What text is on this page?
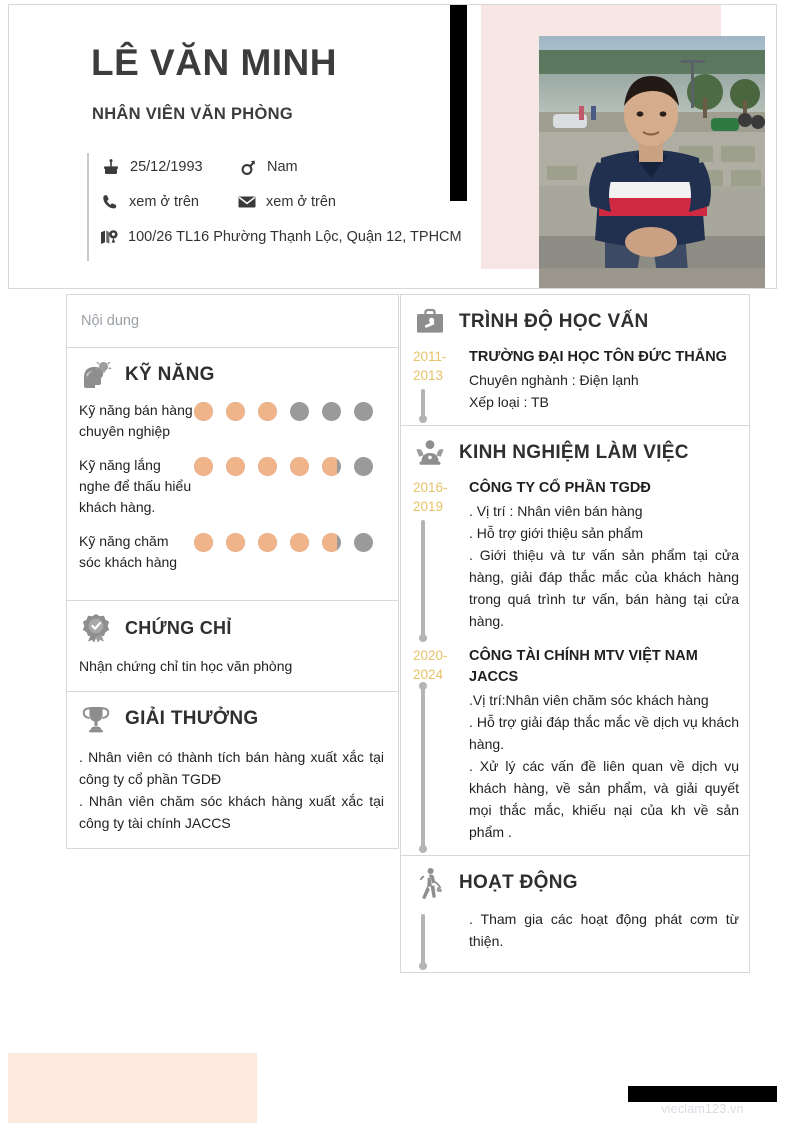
LÊ VĂN MINH
NHÂN VIÊN VĂN PHÒNG
25/12/1993	Nam
xem ở trên	xem ở trên
100/26 TL16 Phường Thạnh Lộc, Quận 12, TPHCM
Nội dung
KỸ NĂNG
Kỹ năng bán hàng chuyên nghiệp
Kỹ năng lắng nghe để thấu hiểu khách hàng.
Kỹ năng chăm sóc khách hàng
CHỨNG CHỈ
Nhận chứng chỉ tin học văn phòng
GIẢI THƯỞNG
. Nhân viên có thành tích bán hàng xuất xắc tại công ty cổ phần TGDĐ
. Nhân viên chăm sóc khách hàng xuất xắc tại công ty tài chính JACCS
TRÌNH ĐỘ HỌC VẤN
2011-
2013
TRƯỜNG ĐẠI HỌC TÔN ĐỨC THẮNG
Chuyên nghành : Điện lạnh
Xếp loại : TB
KINH NGHIỆM LÀM VIỆC
2016-
2019
CÔNG TY CỔ PHẦN TGDĐ
. Vị trí : Nhân viên bán hàng
. Hỗ trợ giới thiệu sản phẩm
. Giới thiệu và tư vấn sản phẩm tại cửa hàng, giải đáp thắc mắc của khách hàng trong quá trình tư vấn, bán hàng tại cửa hàng.
2020-
2024
CÔNG TÀI CHÍNH MTV VIỆT NAM JACCS
.Vị trí:Nhân viên chăm sóc khách hàng
. Hỗ trợ giải đáp thắc mắc về dịch vụ khách hàng.
. Xử lý các vấn đề liên quan về dịch vụ khách hàng, về sản phẩm, và giải quyết mọi thắc mắc, khiếu nại của kh về sản phẩm .
HOẠT ĐỘNG
. Tham gia các hoạt động phát cơm từ thiện.
vieclam123.vn
